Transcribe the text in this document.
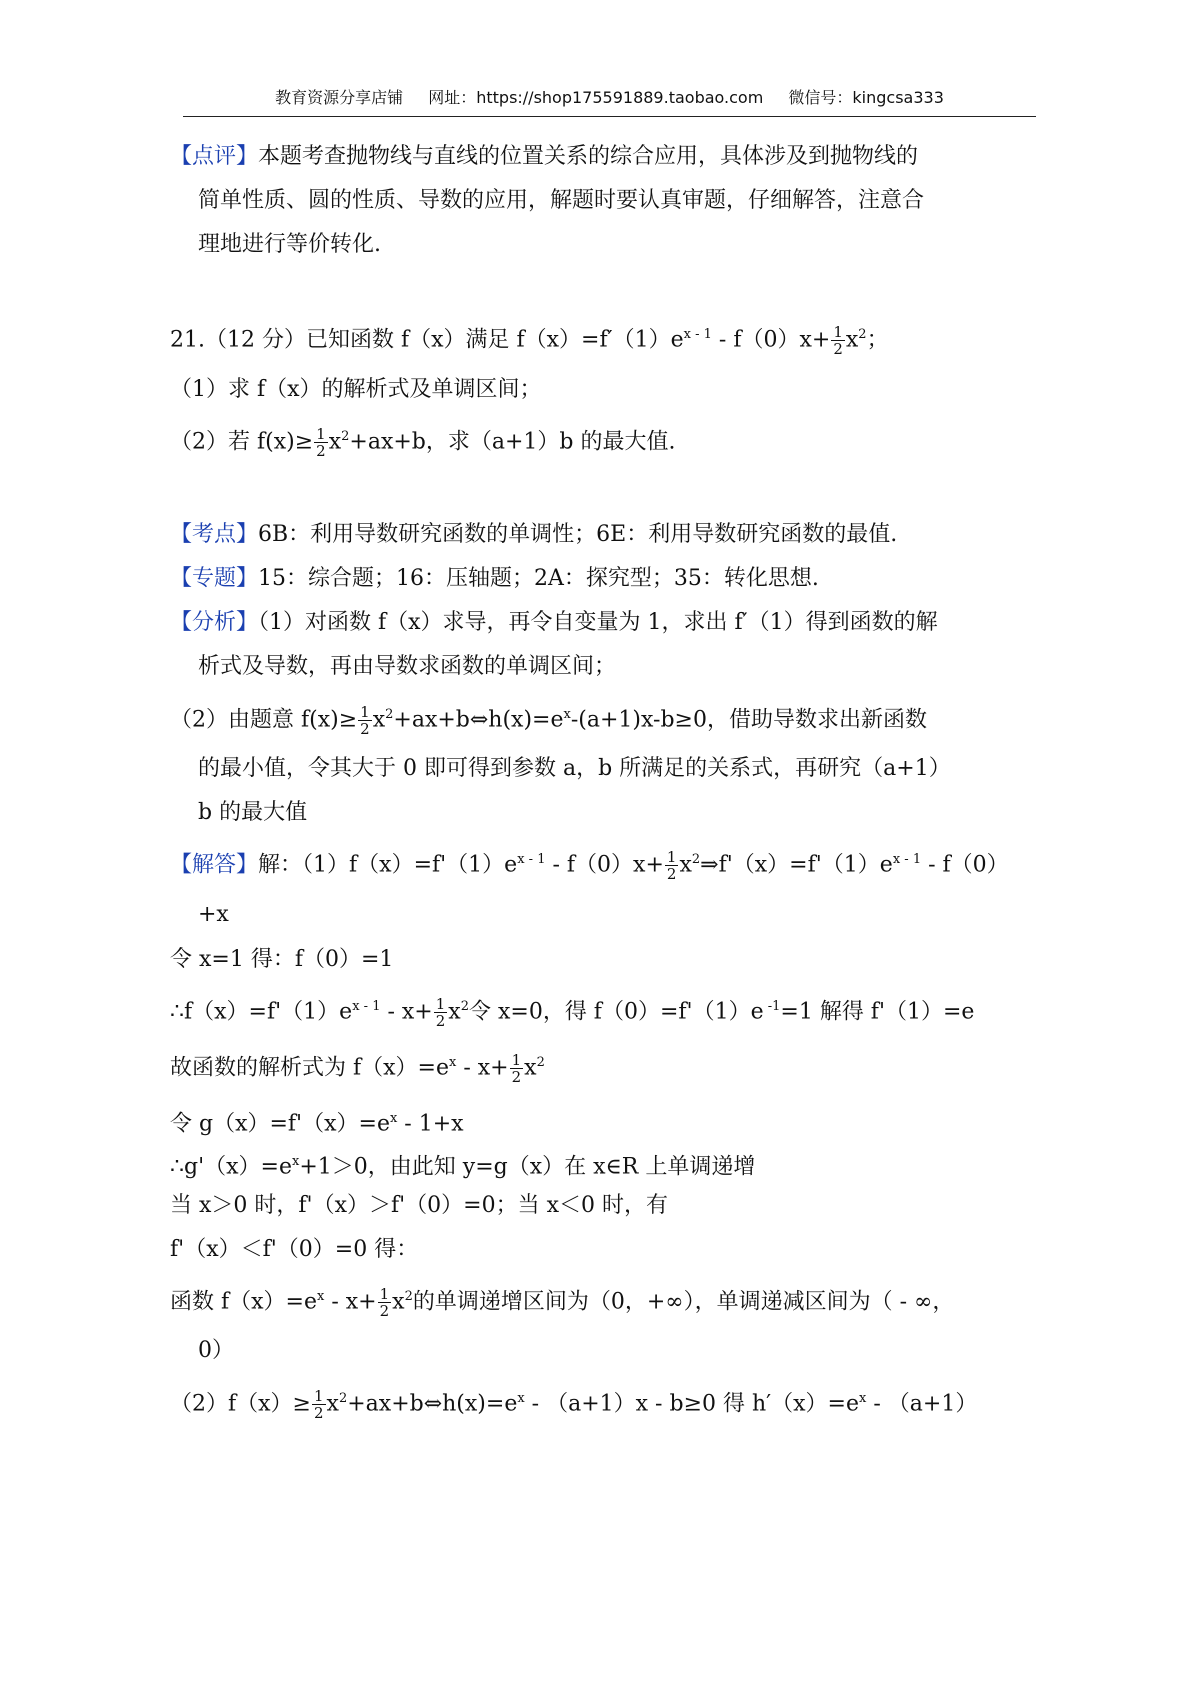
教育资源分享店铺 网址：https://shop175591889.taobao.com 微信号：kingcsa333
【点评】本题考查抛物线与直线的位置关系的综合应用，具体涉及到抛物线的
简单性质、圆的性质、导数的应用，解题时要认真审题，仔细解答，注意合
理地进行等价转化.
21.（12 分）已知函数 f（x）满足 $f(x)=f'(1)e^{x - 1} - f(0)x+ \frac{1}{2} x^2$；
（1）求 f（x）的解析式及单调区间；
（2）若 $f(x)\ge \frac{1}{2} x^2+ax+b$，求（a+1）b 的最大值.
【考点】6B：利用导数研究函数的单调性；6E：利用导数研究函数的最值.
【专题】15：综合题；16：压轴题；2A：探究型；35：转化思想.
【分析】（1）对函数 f（x）求导，再令自变量为 1，求出 f′（1）得到函数的解
析式及导数，再由导数求函数的单调区间；
（2）由题意 $f(x)\ge \frac{1}{2}$ $x^2+ax+b\Leftrightarrow h(x)=e^x-(a+1)x-b\ge 0$，借助导数求出新函数
的最小值，令其大于 0 即可得到参数 a，b 所满足的关系式，再研究（a+1）
b 的最大值
【解答】解：$(1)f(x)=f'(1)e^{x - 1} - f(0)x+ \frac{1}{2}$ $x^2\Rightarrow f'(x)=f'(1)e^{x - 1} - f(0)$
+x
令 x=1 得：f（0）=1
$\therefore f(x)=f'(1)e^{x - 1} - x+ \frac{1}{2} x^2$令 x=0，得 f（0）=f'（1）e $^{-1}$=1 解得 f'（1）=e
故函数的解析式为 $f(x)=e^x - x+ \frac{1}{2} x^2$
令 $g(x)=f'(x)=e^x - 1+x$
$\therefore g'(x)=e^x+1>0$，由此知 y=g（x）在 x∈R 上单调递增
当 x＞0 时，f'（x）＞f'（0）=0；当 x＜0 时，有
f'（x）＜f'（0）=0 得：
函数 $f(x)=e^x - x+ \frac{1}{2} x^2$的单调递增区间为（0，+∞），单调递减区间为（ - ∞，
0）
$(2)f(x)\ge \frac{1}{2}$ $x^2+ax+b\Leftrightarrow h(x)=e^x - (a+1)x - b\ge 0$ 得 $h'(x)=e^x - (a+1)$
